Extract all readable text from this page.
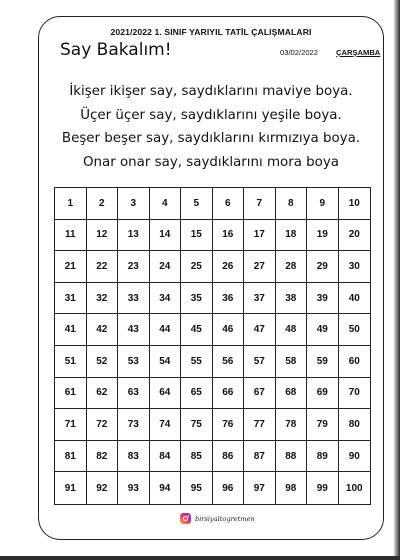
2021/2022 1. SINIF YARIYIL TATİL ÇALIŞMALARI
Say Bakalım!	03/02/2022 ÇARŞAMBA
İkişer ikişer say, saydıklarını maviye boya.
Üçer üçer say, saydıklarını yeşile boya.
Beşer beşer say, saydıklarını kırmızıya boya.
Onar onar say, saydıklarını mora boya
1	2	3	4	5	6	7	8	9	10
11	12	13	14	15	16	17	18	19	20
21	22	23	24	25	26	27	28	29	30
31	32	33	34	35	36	37	38	39	40
41	42	43	44	45	46	47	48	49	50
51	52	53	54	55	56	57	58	59	60
61	62	63	64	65	66	67	68	69	70
71	72	73	74	75	76	77	78	79	80
81	82	83	84	85	86	87	88	89	90
91	92	93	94	95	96	97	98	99	100
birsiyaltogretmen
